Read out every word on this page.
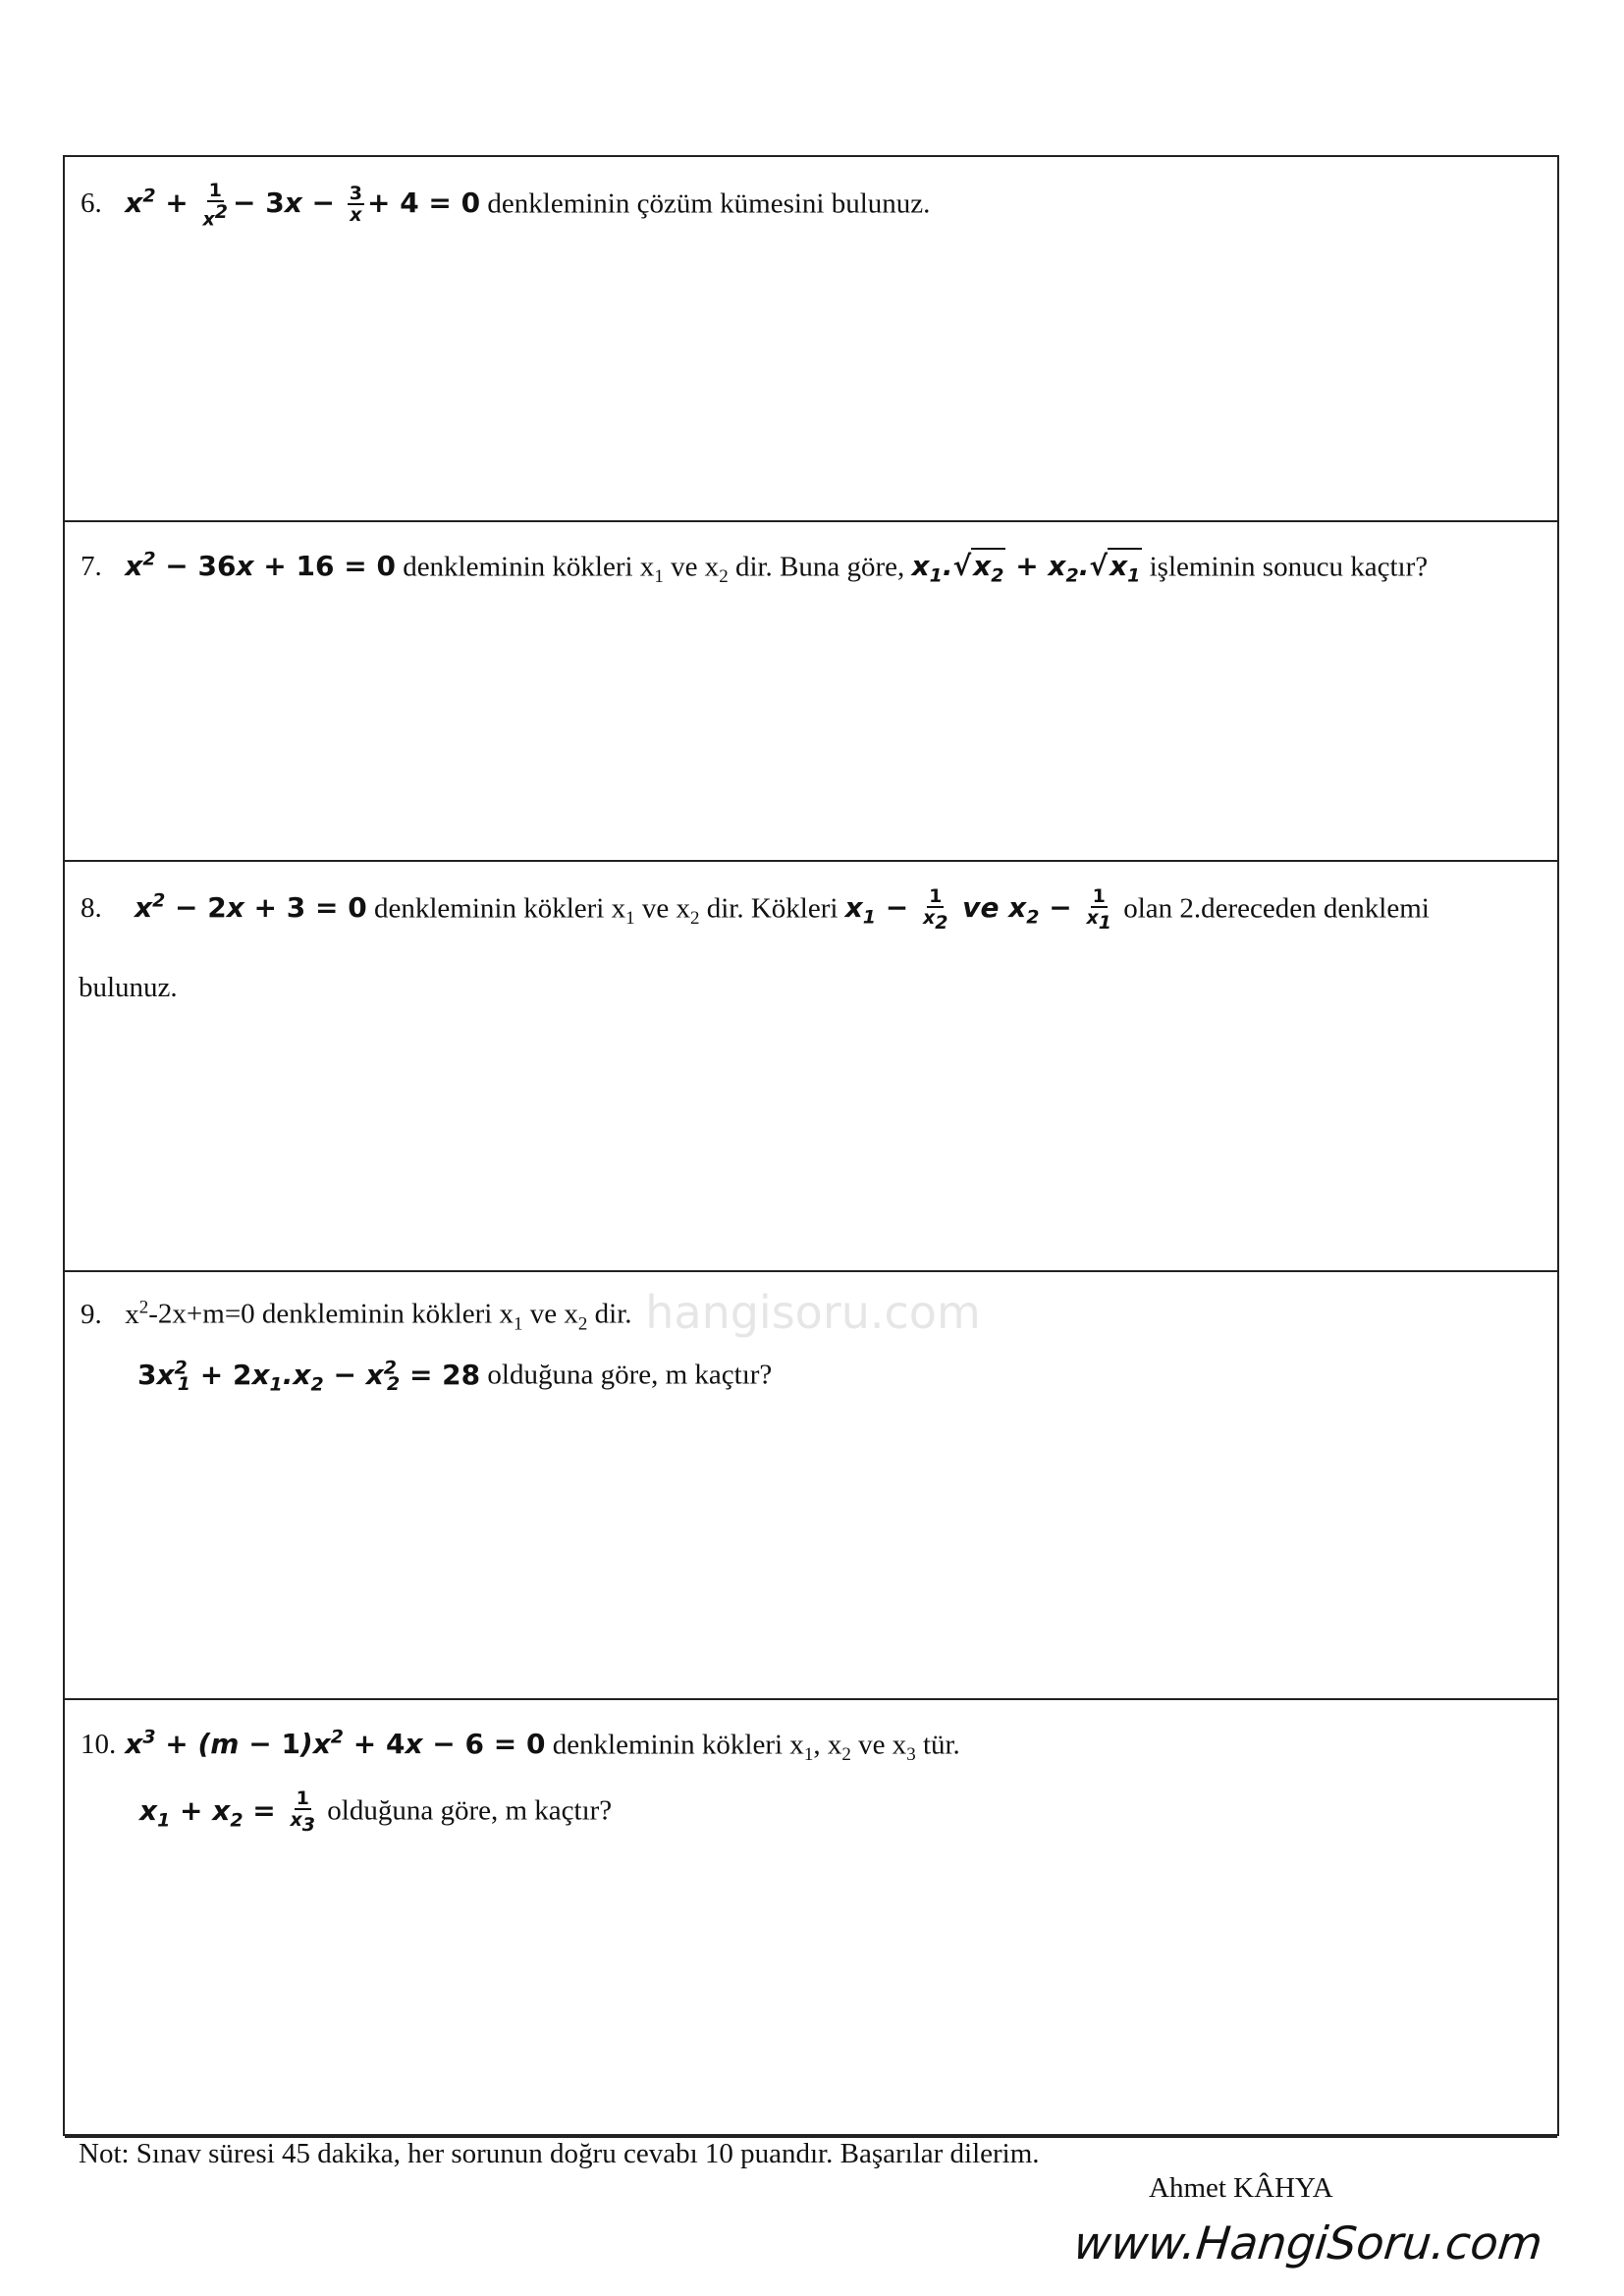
6. $x^2 + \frac{1}{x^2} - 3x - \frac{3}{x} + 4 = 0$ denkleminin çözüm kümesini bulunuz.
7. $x^2 - 36x + 16 = 0$ denkleminin kökleri $x_1$ ve $x_2$ dir. Buna göre, $x_1.√x_2 + x_2.√x_1$ işleminin sonucu kaçtır?
8.  $x^2 - 2x + 3 = 0$ denkleminin kökleri $x_1$ ve $x_2$ dir. Kökleri $x_1 - \frac{1}{x_2}$ ve $x_2 - \frac{1}{x_1}$ olan 2.dereceden denklemi
bulunuz.
9. $x^2-2x+m=0$ denkleminin kökleri $x_1$ ve $x_2$ dir.
$3x^2_1 + 2x_1.x_2 - x^2_2 = 28$ olduğuna göre, m kaçtır?
10. $x^3 + (m - 1)x^2 + 4x - 6 = 0$ denkleminin kökleri $x_1$, $x_2$ ve $x_3$ tür.
$x_1 + x_2 = \frac{1}{x_3}$ olduğuna göre, m kaçtır?
hangisoru.com
Not: Sınav süresi 45 dakika, her sorunun doğru cevabı 10 puandır. Başarılar dilerim.
Ahmet KÂHYA
www.HangiSoru.com
